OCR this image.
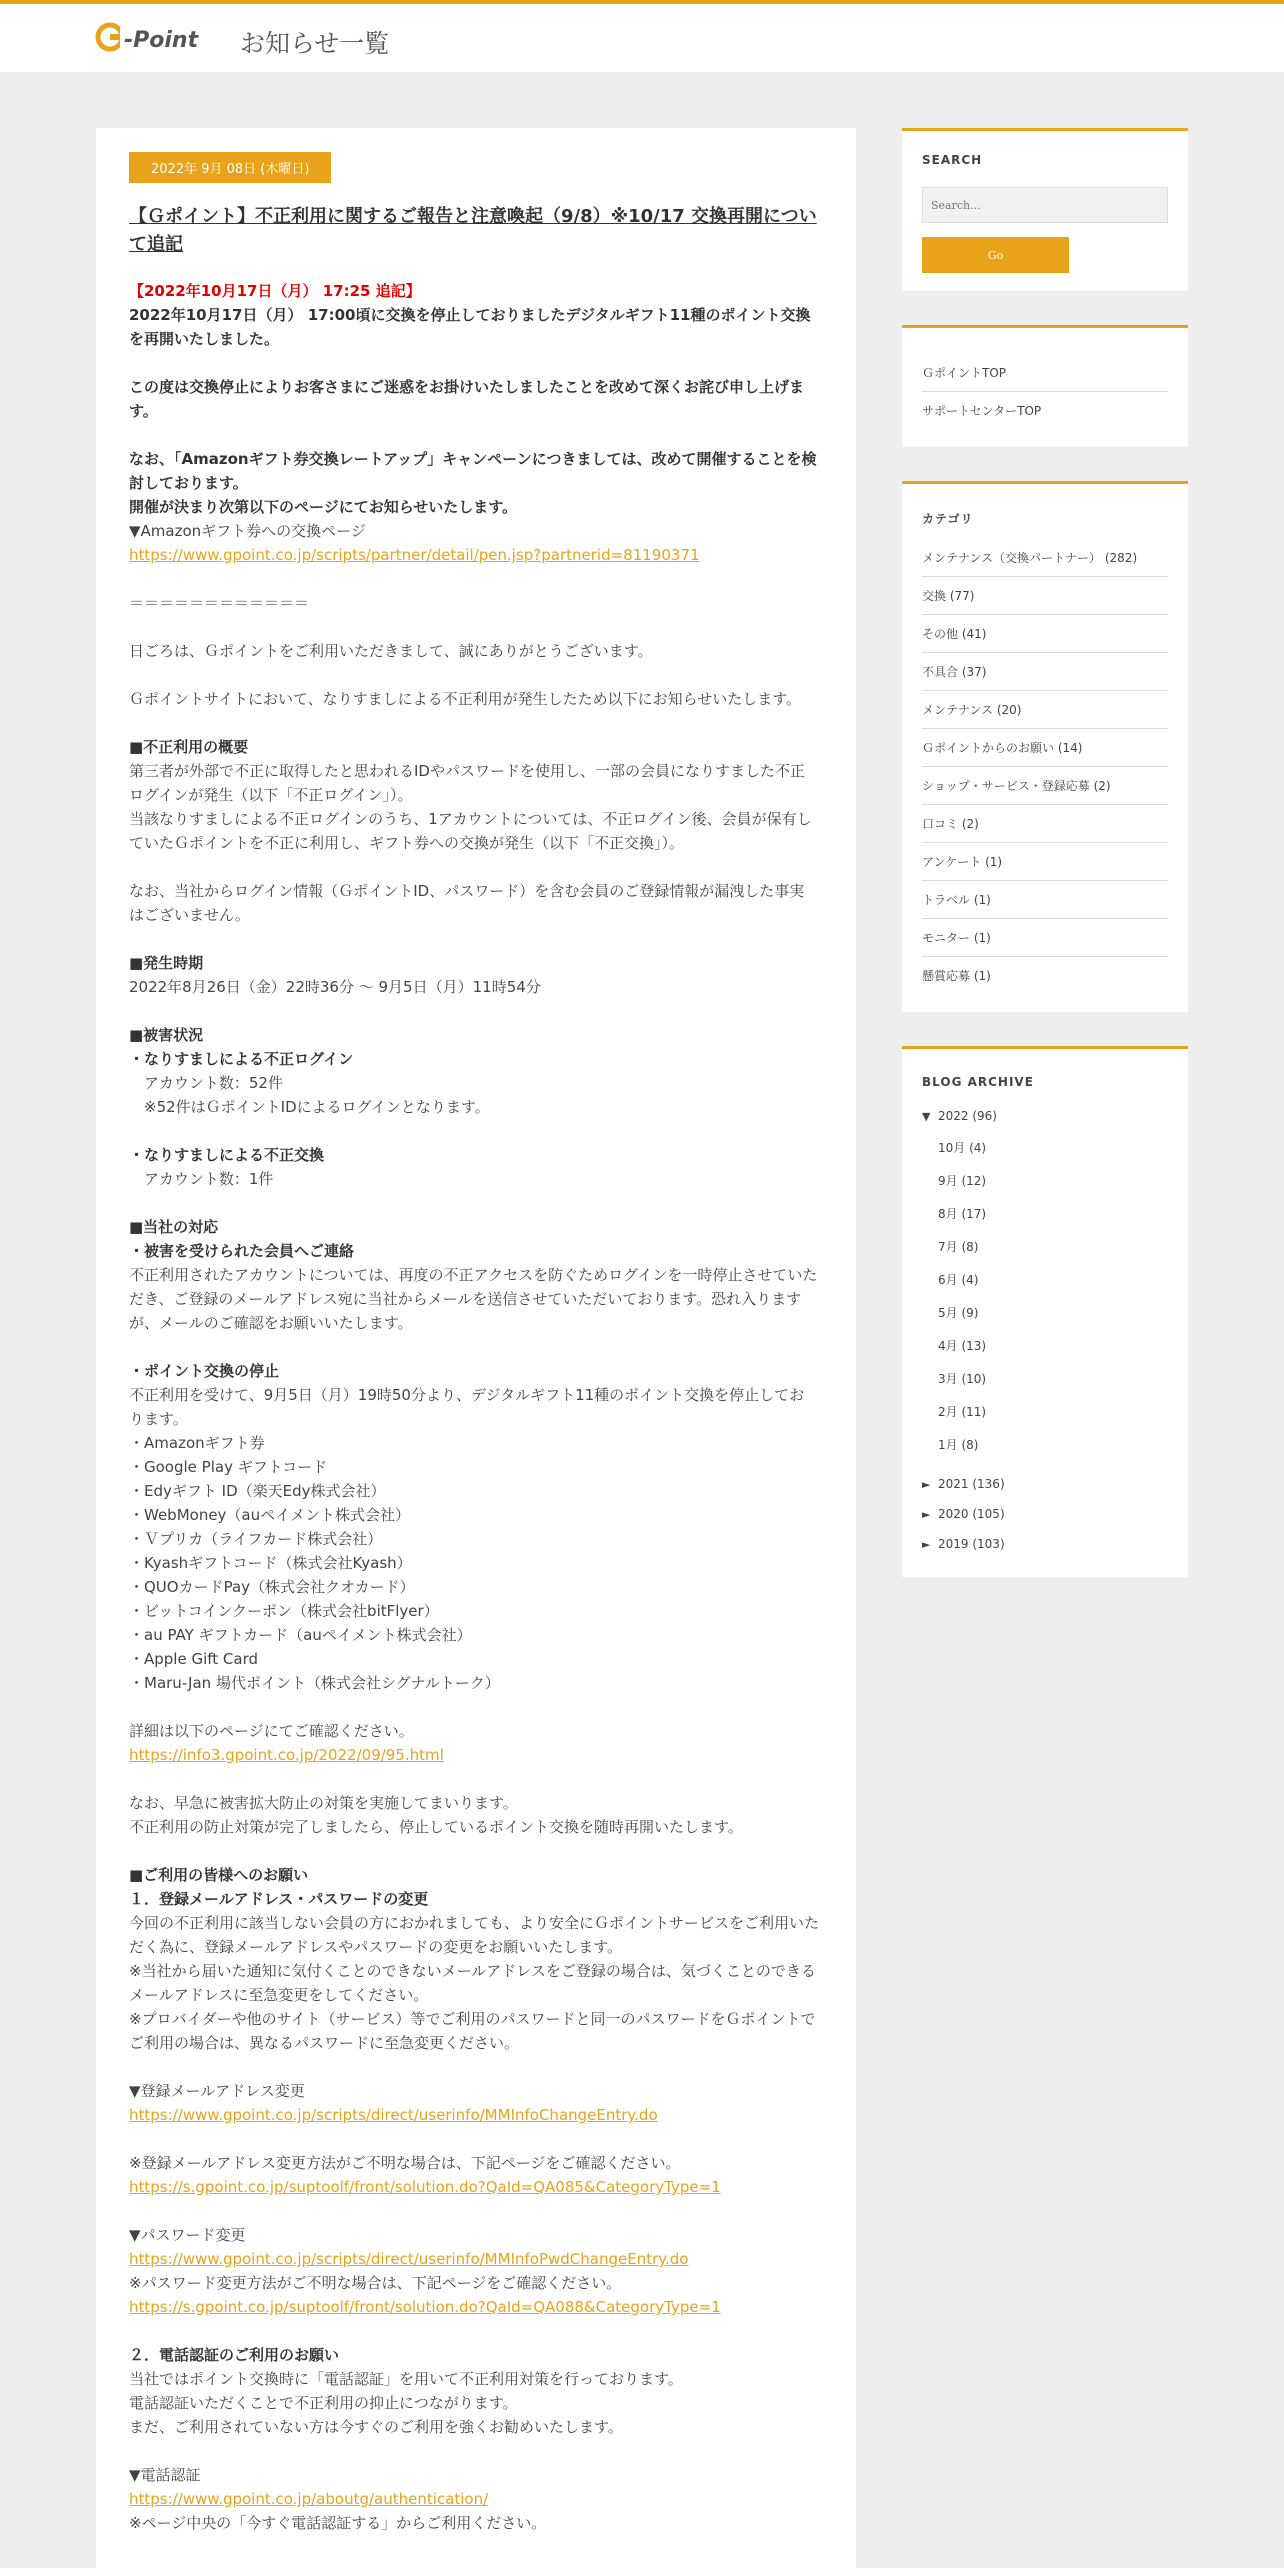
-Point お知らせ一覧
2022年 9月 08日 (木曜日)
【Ｇポイント】不正利用に関するご報告と注意喚起（9/8）※10/17 交換再開について追記
【2022年10月17日（月） 17:25 追記】
2022年10月17日（月） 17:00頃に交換を停止しておりましたデジタルギフト11種のポイント交換を再開いたしました。
この度は交換停止によりお客さまにご迷惑をお掛けいたしましたことを改めて深くお詫び申し上げます。
なお、「Amazonギフト券交換レートアップ」キャンペーンにつきましては、改めて開催することを検討しております。
開催が決まり次第以下のページにてお知らせいたします。
▼Amazonギフト券への交換ページ
https://www.gpoint.co.jp/scripts/partner/detail/pen.jsp?partnerid=81190371
＝＝＝＝＝＝＝＝＝＝＝＝
日ごろは、Ｇポイントをご利用いただきまして、誠にありがとうございます。
Ｇポイントサイトにおいて、なりすましによる不正利用が発生したため以下にお知らせいたします。
■不正利用の概要
第三者が外部で不正に取得したと思われるIDやパスワードを使用し、一部の会員になりすました不正ログインが発生（以下「不正ログイン」）。
当該なりすましによる不正ログインのうち、1アカウントについては、不正ログイン後、会員が保有していたＧポイントを不正に利用し、ギフト券への交換が発生（以下「不正交換」）。
なお、当社からログイン情報（ＧポイントID、パスワード）を含む会員のご登録情報が漏洩した事実はございません。
■発生時期
2022年8月26日（金）22時36分 ～ 9月5日（月）11時54分
■被害状況
・なりすましによる不正ログイン
　アカウント数：52件
　※52件はＧポイントIDによるログインとなります。
・なりすましによる不正交換
　アカウント数：1件
■当社の対応
・被害を受けられた会員へご連絡
不正利用されたアカウントについては、再度の不正アクセスを防ぐためログインを一時停止させていただき、ご登録のメールアドレス宛に当社からメールを送信させていただいております。恐れ入りますが、メールのご確認をお願いいたします。
・ポイント交換の停止
不正利用を受けて、9月5日（月）19時50分より、デジタルギフト11種のポイント交換を停止しております。
・Amazonギフト券
・Google Play ギフトコード
・Edyギフト ID（楽天Edy株式会社）
・WebMoney（auペイメント株式会社）
・Ｖプリカ（ライフカード株式会社）
・Kyashギフトコード（株式会社Kyash）
・QUOカードPay（株式会社クオカード）
・ビットコインクーポン（株式会社bitFlyer）
・au PAY ギフトカード（auペイメント株式会社）
・Apple Gift Card
・Maru-Jan 場代ポイント（株式会社シグナルトーク）
詳細は以下のページにてご確認ください。
https://info3.gpoint.co.jp/2022/09/95.html
なお、早急に被害拡大防止の対策を実施してまいります。
不正利用の防止対策が完了しましたら、停止しているポイント交換を随時再開いたします。
■ご利用の皆様へのお願い
１．登録メールアドレス・パスワードの変更
今回の不正利用に該当しない会員の方におかれましても、より安全にＧポイントサービスをご利用いただく為に、登録メールアドレスやパスワードの変更をお願いいたします。
※当社から届いた通知に気付くことのできないメールアドレスをご登録の場合は、気づくことのできるメールアドレスに至急変更をしてください。
※プロバイダーや他のサイト（サービス）等でご利用のパスワードと同一のパスワードをＧポイントでご利用の場合は、異なるパスワードに至急変更ください。
▼登録メールアドレス変更
https://www.gpoint.co.jp/scripts/direct/userinfo/MMInfoChangeEntry.do
※登録メールアドレス変更方法がご不明な場合は、下記ページをご確認ください。
https://s.gpoint.co.jp/suptoolf/front/solution.do?QaId=QA085&CategoryType=1
▼パスワード変更
https://www.gpoint.co.jp/scripts/direct/userinfo/MMInfoPwdChangeEntry.do
※パスワード変更方法がご不明な場合は、下記ページをご確認ください。
https://s.gpoint.co.jp/suptoolf/front/solution.do?QaId=QA088&CategoryType=1
２．電話認証のご利用のお願い
当社ではポイント交換時に「電話認証」を用いて不正利用対策を行っております。
電話認証いただくことで不正利用の抑止につながります。
まだ、ご利用されていない方は今すぐのご利用を強くお勧めいたします。
▼電話認証
https://www.gpoint.co.jp/aboutg/authentication/
※ページ中央の「今すぐ電話認証する」からご利用ください。
SEARCH
Search... Go
ＧポイントTOP
サポートセンターTOP
カテゴリ
メンテナンス（交換パートナー） (282)
交換 (77)
その他 (41)
不具合 (37)
メンテナンス (20)
Ｇポイントからのお願い (14)
ショップ・サービス・登録応募 (2)
口コミ (2)
アンケート (1)
トラベル (1)
モニター (1)
懸賞応募 (1)
BLOG ARCHIVE
▼ 2022 (96)
10月 (4)
9月 (12)
8月 (17)
7月 (8)
6月 (4)
5月 (9)
4月 (13)
3月 (10)
2月 (11)
1月 (8)
► 2021 (136)
► 2020 (105)
► 2019 (103)
